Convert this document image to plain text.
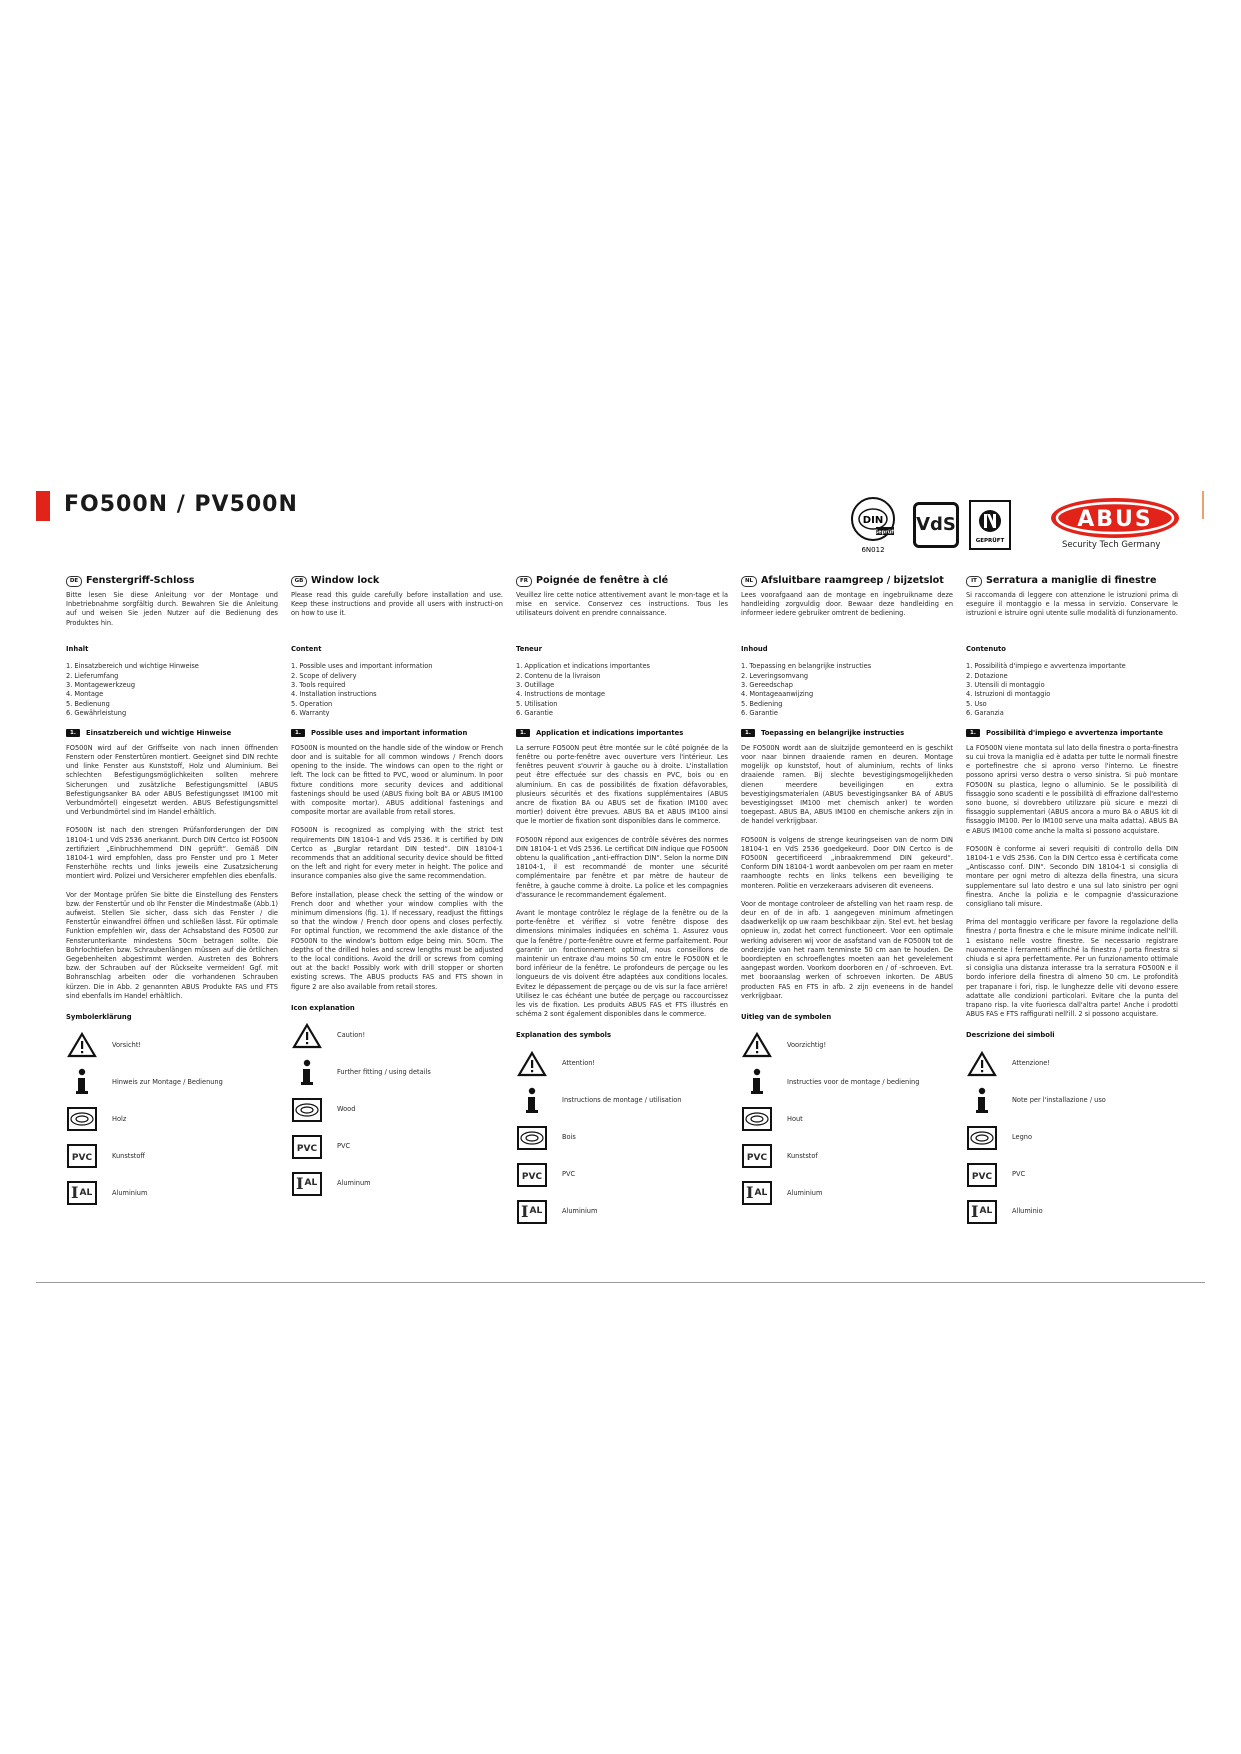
FO500N / PV500N
DIN
Geprüft
6N012
VdS
GEPRÜFT
ABUS
Security Tech Germany
DE Fenstergriff-Schloss
Bitte lesen Sie diese Anleitung vor der Montage und Inbetriebnahme sorgfältig durch. Bewahren Sie die Anleitung auf und weisen Sie jeden Nutzer auf die Bedienung des Produktes hin.
Inhalt
1. Einsatzbereich und wichtige Hinweise
2. Lieferumfang
3. Montagewerkzeug
4. Montage
5. Bedienung
6. Gewährleistung
1.	Einsatzbereich und wichtige Hinweise
FO500N wird auf der Griffseite von nach innen öffnenden Fenstern oder Fenstertüren montiert. Geeignet sind DIN rechte und linke Fenster aus Kunststoff, Holz und Aluminium. Bei schlechten Befestigungsmöglichkeiten sollten mehrere Sicherungen und zusätzliche Befestigungsmittel (ABUS Befestigungsanker BA oder ABUS Befestigungsset IM100 mit Verbundmörtel) eingesetzt werden. ABUS Befestigungsmittel und Verbundmörtel sind im Handel erhältlich.
FO500N ist nach den strengen Prüfanforderungen der DIN 18104-1 und VdS 2536 anerkannt. Durch DIN Certco ist FO500N zertifiziert „Einbruchhemmend DIN geprüft“. Gemäß DIN 18104-1 wird empfohlen, dass pro Fenster und pro 1 Meter Fensterhöhe rechts und links jeweils eine Zusatzsicherung montiert wird. Polizei und Versicherer empfehlen dies ebenfalls.
Vor der Montage prüfen Sie bitte die Einstellung des Fensters bzw. der Fenstertür und ob Ihr Fenster die Mindestmaße (Abb.1) aufweist. Stellen Sie sicher, dass sich das Fenster / die Fenstertür einwandfrei öffnen und schließen lässt. Für optimale Funktion empfehlen wir, dass der Achsabstand des FO500 zur Fensterunterkante mindestens 50cm betragen sollte. Die Bohrlochtiefen bzw. Schraubenlängen müssen auf die örtlichen Gegebenheiten abgestimmt werden. Austreten des Bohrers bzw. der Schrauben auf der Rückseite vermeiden! Ggf. mit Bohranschlag arbeiten oder die vorhandenen Schrauben kürzen. Die in Abb. 2 genannten ABUS Produkte FAS und FTS sind ebenfalls im Handel erhältlich.
Symbolerklärung
Vorsicht!
Hinweis zur Montage / Bedienung
Holz
PVC	Kunststoff
I AL	Aluminium
GB Window lock
Please read this guide carefully before installation and use. Keep these instructions and provide all users with instructi-on on how to use it.
Content
1. Possible uses and important information
2. Scope of delivery
3. Tools required
4. Installation instructions
5. Operation
6. Warranty
1.	Possible uses and important information
FO500N is mounted on the handle side of the window or French door and is suitable for all common windows / French doors opening to the inside. The windows can open to the right or left. The lock can be fitted to PVC, wood or aluminum. In poor fixture conditions more security devices and additional fastenings should be used (ABUS fixing bolt BA or ABUS IM100 with composite mortar). ABUS additional fastenings and composite mortar are available from retail stores.
FO500N is recognized as complying with the strict test requirements DIN 18104-1 and VdS 2536. It is certified by DIN Certco as „Burglar retardant DIN tested“. DIN 18104-1 recommends that an additional security device should be fitted on the left and right for every meter in height. The police and insurance companies also give the same recommendation.
Before installation, please check the setting of the window or French door and whether your window complies with the minimum dimensions (fig. 1). If necessary, readjust the fittings so that the window / French door opens and closes perfectly. For optimal function, we recommend the axle distance of the FO500N to the window's bottom edge being min. 50cm. The depths of the drilled holes and screw lengths must be adjusted to the local conditions. Avoid the drill or screws from coming out at the back! Possibly work with drill stopper or shorten existing screws. The ABUS products FAS and FTS shown in figure 2 are also available from retail stores.
Icon explanation
Caution!
Further fitting / using details
Wood
PVC	PVC
I AL	Aluminum
FR Poignée de fenêtre à clé
Veuillez lire cette notice attentivement avant le mon-tage et la mise en service. Conservez ces instructions. Tous les utilisateurs doivent en prendre connaissance.
Teneur
1. Application et indications importantes
2. Contenu de la livraison
3. Outillage
4. Instructions de montage
5. Utilisation
6. Garantie
1.	Application et indications importantes
La serrure FO500N peut être montée sur le côté poignée de la fenêtre ou porte-fenêtre avec ouverture vers l'intérieur. Les fenêtres peuvent s'ouvrir à gauche ou à droite. L'installation peut être effectuée sur des chassis en PVC, bois ou en aluminium. En cas de possibilités de fixation défavorables, plusieurs sécurités et des fixations supplémentaires (ABUS ancre de fixation BA ou ABUS set de fixation IM100 avec mortier) doivent être prevues. ABUS BA et ABUS IM100 ainsi que le mortier de fixation sont disponibles dans le commerce.
FO500N répond aux exigences de contrôle sévères des normes DIN 18104-1 et VdS 2536. Le certificat DIN indique que FO500N obtenu la qualification „anti-effraction DIN“. Selon la norme DIN 18104-1, il est recommandé de monter une sécurité complémentaire par fenêtre et par mètre de hauteur de fenêtre, à gauche comme à droite. La police et les compagnies d'assurance le recommandement également.
Avant le montage contrôlez le réglage de la fenêtre ou de la porte-fenêtre et vérifiez si votre fenêtre dispose des dimensions minimales indiquées en schéma 1. Assurez vous que la fenêtre / porte-fenêtre ouvre et ferme parfaitement. Pour garantir un fonctionnement optimal, nous conseillons de maintenir un entraxe d'au moins 50 cm entre le FO500N et le bord inférieur de la fenêtre. Le profondeurs de perçage ou les longueurs de vis doivent être adaptées aux conditions locales. Evitez le dépassement de perçage ou de vis sur la face arrière! Utilisez le cas échéant une butée de perçage ou raccourcissez les vis de fixation. Les produits ABUS FAS et FTS illustrés en schéma 2 sont également disponibles dans le commerce.
Explanation des symbols
Attention!
Instructions de montage / utilisation
Bois
PVC	PVC
I AL	Aluminium
NL Afsluitbare raamgreep / bijzetslot
Lees voorafgaand aan de montage en ingebruikname deze handleiding zorgvuldig door. Bewaar deze handleiding en informeer iedere gebruiker omtrent de bediening.
Inhoud
1. Toepassing en belangrijke instructies
2. Leveringsomvang
3. Gereedschap
4. Montageaanwijzing
5. Bediening
6. Garantie
1.	Toepassing en belangrijke instructies
De FO500N wordt aan de sluitzijde gemonteerd en is geschikt voor naar binnen draaiende ramen en deuren. Montage mogelijk op kunststof, hout of aluminium, rechts of links draaiende ramen. Bij slechte bevestigingsmogelijkheden dienen meerdere beveiligingen en extra bevestigingsmaterialen (ABUS bevestigingsanker BA of ABUS bevestigingsset IM100 met chemisch anker) te worden toegepast. ABUS BA, ABUS IM100 en chemische ankers zijn in de handel verkrijgbaar.
FO500N is volgens de strenge keuringseisen van de norm DIN 18104-1 en VdS 2536 goedgekeurd. Door DIN Certco is de FO500N gecertificeerd „inbraakremmend DIN gekeurd“. Conform DIN 18104-1 wordt aanbevolen om per raam en meter raamhoogte rechts en links telkens een beveiliging te monteren. Politie en verzekeraars adviseren dit eveneens.
Voor de montage controleer de afstelling van het raam resp. de deur en of de in afb. 1 aangegeven minimum afmetingen daadwerkelijk op uw raam beschikbaar zijn. Stel evt. het beslag opnieuw in, zodat het correct functioneert. Voor een optimale werking adviseren wij voor de asafstand van de FO500N tot de onderzijde van het raam tenminste 50 cm aan te houden. De boordiepten en schroeflengtes moeten aan het gevelelement aangepast worden. Voorkom doorboren en / of -schroeven. Evt. met booraanslag werken of schroeven inkorten. De ABUS producten FAS en FTS in afb. 2 zijn eveneens in de handel verkrijgbaar.
Uitleg van de symbolen
Voorzichtig!
Instructies voor de montage / bediening
Hout
PVC	Kunststof
I AL	Aluminium
IT Serratura a maniglie di finestre
Si raccomanda di leggere con attenzione le istruzioni prima di eseguire il montaggio e la messa in servizio. Conservare le istruzioni e istruire ogni utente sulle modalità di funzionamento.
Contenuto
1. Possibilità d'impiego e avvertenza importante
2. Dotazione
3. Utensili di montaggio
4. Istruzioni di montaggio
5. Uso
6. Garanzia
1.	Possibilità d'impiego e avvertenza importante
La FO500N viene montata sul lato della finestra o porta-finestra su cui trova la maniglia ed è adatta per tutte le normali finestre e portefinestre che si aprono verso l'interno. Le finestre possono aprirsi verso destra o verso sinistra. Si può montare FO500N su plastica, legno o alluminio. Se le possibilità di fissaggio sono scadenti e le possibilità di effrazione dall'esterno sono buone, si dovrebbero utilizzare più sicure e mezzi di fissaggio supplementari (ABUS ancora a muro BA o ABUS kit di fissaggio IM100. Per lo IM100 serve una malta adatta). ABUS BA e ABUS IM100 come anche la malta si possono acquistare.
FO500N è conforme ai severi requisiti di controllo della DIN 18104-1 e VdS 2536. Con la DIN Certco essa è certificata come „Antiscasso conf. DIN“. Secondo DIN 18104-1 si consiglia di montare per ogni metro di altezza della finestra, una sicura supplementare sul lato destro e una sul lato sinistro per ogni finestra. Anche la polizia e le compagnie d'assicurazione consigliano tali misure.
Prima del montaggio verificare per favore la regolazione della finestra / porta finestra e che le misure minime indicate nell'ill. 1 esistano nelle vostre finestre. Se necessario registrare nuovamente i ferramenti affinché la finestra / porta finestra si chiuda e si apra perfettamente. Per un funzionamento ottimale si consiglia una distanza interasse tra la serratura FO500N e il bordo inferiore della finestra di almeno 50 cm. Le profondità per trapanare i fori, risp. le lunghezze delle viti devono essere adattate alle condizioni particolari. Evitare che la punta del trapano risp. la vite fuoriesca dall'altra parte! Anche i prodotti ABUS FAS e FTS raffigurati nell'ill. 2 si possono acquistare.
Descrizione dei simboli
Attenzione!
Note per l'installazione / uso
Legno
PVC	PVC
I AL	Alluminio
